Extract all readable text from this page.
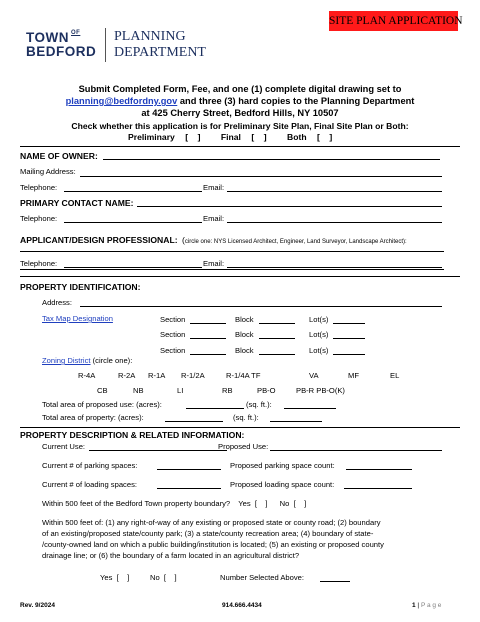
TOWN $^{OF}$
BEDFORD
PLANNING
DEPARTMENT
SITE PLAN APPLICATION
Submit Completed Form, Fee, and one (1) complete digital drawing set to
planning@bedfordny.gov and three (3) hard copies to the Planning Department
at 425 Cherry Street, Bedford Hills, NY 10507
Check whether this application is for Preliminary Site Plan, Final Site Plan or Both:
Preliminary [    ] Final [    ] Both [    ]
NAME OF OWNER:
Mailing Address:
Telephone:	Email:
PRIMARY CONTACT NAME:
Telephone:	Email:
APPLICANT/DESIGN PROFESSIONAL: (circle one: NYS Licensed Architect, Engineer, Land Surveyor, Landscape Architect):
Telephone:	Email:
PROPERTY IDENTIFICATION:
Address:
Tax Map Designation	Section	Block	Lot(s)
Section	Block	Lot(s)
Section	Block	Lot(s)
Zoning District (circle one):
R-4A	R-2A R-1A R-1/2A	R-1/4A TF	VA	MF	EL
CB	NB	LI	RB	PB-O	PB-R PB-O(K)
Total area of proposed use: (acres):	(sq. ft.):
Total area of property: (acres):	(sq. ft.):
PROPERTY DESCRIPTION & RELATED INFORMATION:
Current Use:	Proposed Use:
Current # of parking spaces:	Proposed parking space count:
Current # of loading spaces:	Proposed loading space count:
Within 500 feet of the Bedford Town property boundary? Yes  [    ] No  [    ]
Within 500 feet of: (1) any right-of-way of any existing or proposed state or county road; (2) boundary
of an existing/proposed state/county park; (3) a state/county recreation area; (4) boundary of state-
/county-owned land on which a public building/institution is located; (5) an existing or proposed county
drainage line; or (6) the boundary of a farm located in an agricultural district?
Yes  [    ]	No  [    ]	Number Selected Above:
Rev. 9/2024	914.666.4434	1 | P a g e
